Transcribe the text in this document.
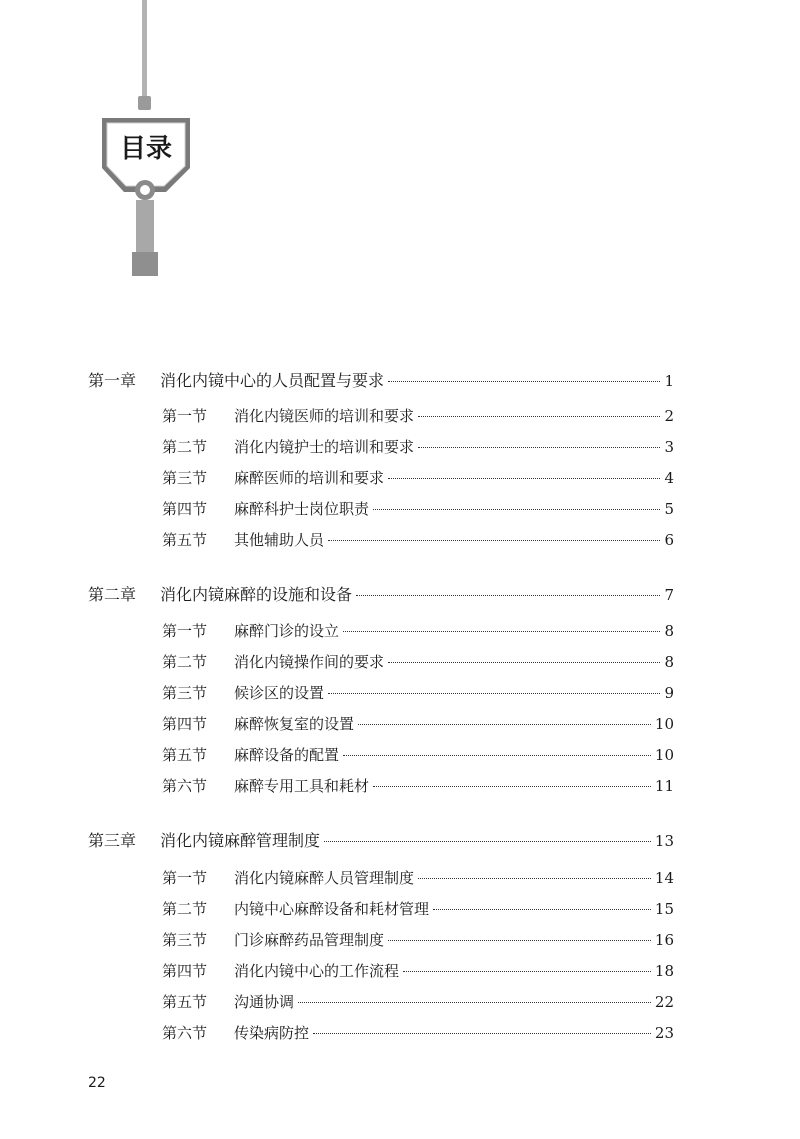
目录
第一章	消化内镜中心的人员配置与要求	1
第一节	消化内镜医师的培训和要求	2
第二节	消化内镜护士的培训和要求	3
第三节	麻醉医师的培训和要求	4
第四节	麻醉科护士岗位职责	5
第五节	其他辅助人员	6
第二章	消化内镜麻醉的设施和设备	7
第一节	麻醉门诊的设立	8
第二节	消化内镜操作间的要求	8
第三节	候诊区的设置	9
第四节	麻醉恢复室的设置	10
第五节	麻醉设备的配置	10
第六节	麻醉专用工具和耗材	11
第三章	消化内镜麻醉管理制度	13
第一节	消化内镜麻醉人员管理制度	14
第二节	内镜中心麻醉设备和耗材管理	15
第三节	门诊麻醉药品管理制度	16
第四节	消化内镜中心的工作流程	18
第五节	沟通协调	22
第六节	传染病防控	23
22
